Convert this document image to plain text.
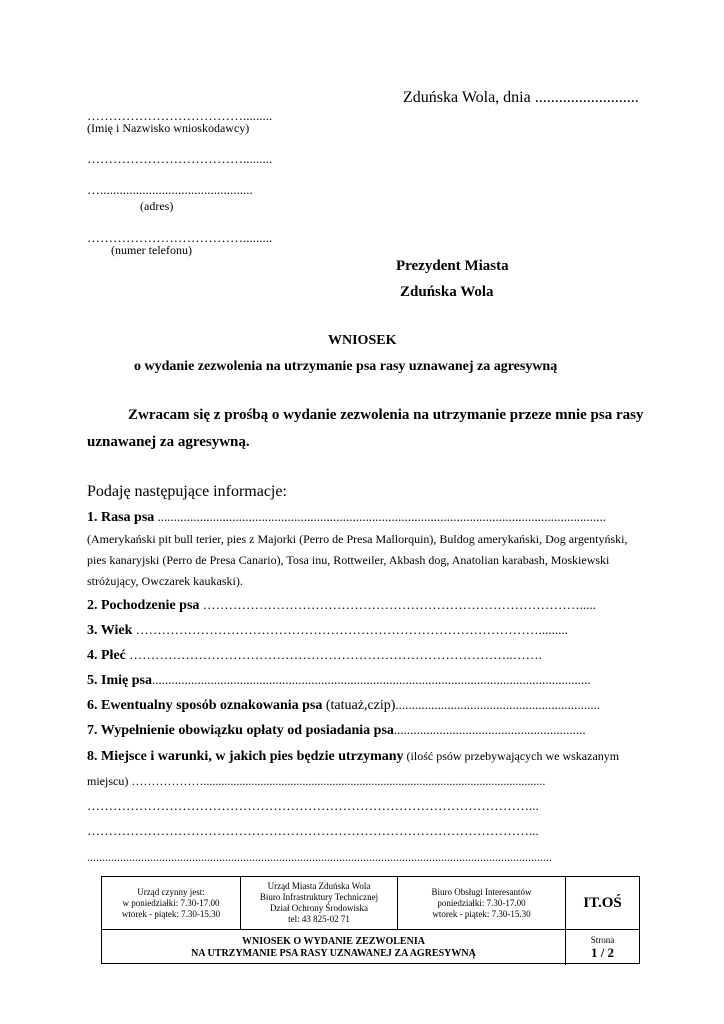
Zduńska Wola, dnia ..........................
……………………………….........
(Imię i Nazwisko wnioskodawcy)
……………………………….........
…...............................................
(adres)
……………………………….........
(numer telefonu)
Prezydent Miasta
Zduńska Wola
WNIOSEK
o wydanie zezwolenia na utrzymanie psa rasy uznawanej za agresywną
Zwracam się z prośbą o wydanie zezwolenia na utrzymanie przeze mnie psa rasy
uznawanej za agresywną.
Podaję następujące informacje:
1. Rasa psa ..........................................................................................................................................
(Amerykański pit bull terier, pies z Majorki (Perro de Presa Mallorquin), Buldog amerykański, Dog argentyński,
pies kanaryjski (Perro de Presa Canario), Tosa inu, Rottweiler, Akbash dog, Anatolian karabash, Moskiewski
stróżujący, Owczarek kaukaski).
2. Pochodzenie psa …………………………………………………………………………….....
3. Wiek ………………………………………………………………………………….........
4. Płeć ……………………………………………………………………………..…….
5. Imię psa.......................................................................................................................................
6. Ewentualny sposób oznakowania psa (tatuaż,czip)...............................................................
7. Wypełnienie obowiązku opłaty od posiadania psa...........................................................
8. Miejsce i warunki, w jakich pies będzie utrzymany (ilość psów przebywających we wskazanym
miejscu) ………………..................................................................................................................
…………………………………………………………………………………………...
…………………………………………………………………………………………...
...........................................................................................................................................................
Urząd czynny jest:
w poniedziałki: 7.30-17.00
wtorek - piątek: 7.30-15.30
Urząd Miasta Zduńska Wola
Biuro Infrastruktury Technicznej
Dział Ochrony Środowiska
tel: 43 825-02 71
Biuro Obsługi Interesantów
poniedziałki: 7.30-17.00
wtorek - piątek: 7.30-15.30
IT.OŚ
WNIOSEK O WYDANIE ZEZWOLENIA
NA UTRZYMANIE PSA RASY UZNAWANEJ ZA AGRESYWNĄ
Strona
1 / 2
